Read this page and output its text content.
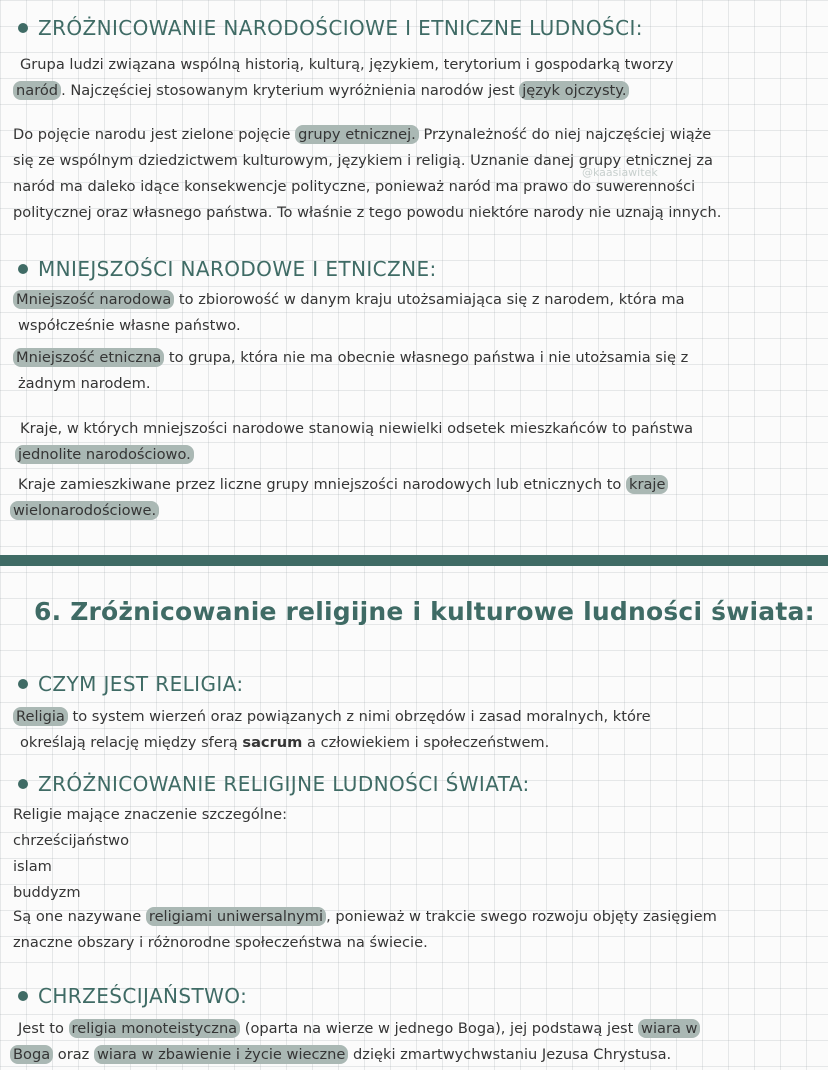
ZRÓŻNICOWANIE NARODOŚCIOWE I ETNICZNE LUDNOŚCI:

Grupa ludzi związana wspólną historią, kulturą, językiem, terytorium i gospodarką tworzy

naród . Najczęściej stosowanym kryterium wyróżnienia narodów jest język ojczysty.

Do pojęcie narodu jest zielone pojęcie grupy etnicznej. Przynależność do niej najczęściej wiąże

się ze wspólnym dziedzictwem kulturowym, językiem i religią. Uznanie danej grupy etnicznej za

naród ma daleko idące konsekwencje polityczne, ponieważ naród ma prawo do suwerenności

politycznej oraz własnego państwa. To właśnie z tego powodu niektóre narody nie uznają innych.

@kaasiawitek
MNIEJSZOŚCI NARODOWE I ETNICZNE:

Mniejszość narodowa to zbiorowość w danym kraju utożsamiająca się z narodem, która ma

współcześnie własne państwo.

Mniejszość etniczna to grupa, która nie ma obecnie własnego państwa i nie utożsamia się z

żadnym narodem.

Kraje, w których mniejszości narodowe stanowią niewielki odsetek mieszkańców to państwa

jednolite narodościowo.

Kraje zamieszkiwane przez liczne grupy mniejszości narodowych lub etnicznych to kraje

wielonarodościowe.

6. Zróżnicowanie religijne i kulturowe ludności świata:
CZYM JEST RELIGIA:

Religia to system wierzeń oraz powiązanych z nimi obrzędów i zasad moralnych, które

określają relację między sferą sacrum a człowiekiem i społeczeństwem.

ZRÓŻNICOWANIE RELIGIJNE LUDNOŚCI ŚWIATA:

Religie mające znaczenie szczególne:

chrześcijaństwo

islam

buddyzm

Są one nazywane religiami uniwersalnymi , ponieważ w trakcie swego rozwoju objęty zasięgiem

znaczne obszary i różnorodne społeczeństwa na świecie.

CHRZEŚCIJAŃSTWO:

Jest to religia monoteistyczna (oparta na wierze w jednego Boga), jej podstawą jest wiara w

Boga oraz wiara w zbawienie i życie wieczne dzięki zmartwychwstaniu Jezusa Chrystusa.
